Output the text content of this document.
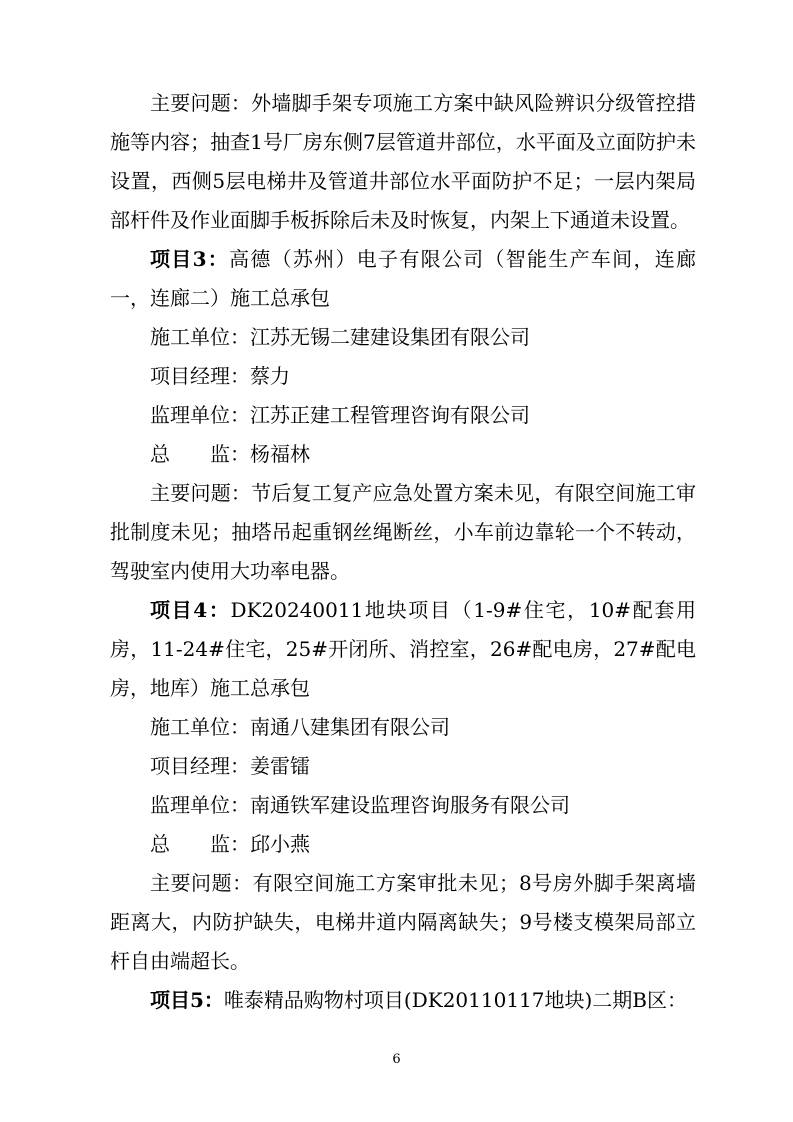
主要问题：外墙脚手架专项施工方案中缺风险辨识分级管控措施等内容；抽查1号厂房东侧7层管道井部位，水平面及立面防护未设置，西侧5层电梯井及管道井部位水平面防护不足；一层内架局部杆件及作业面脚手板拆除后未及时恢复，内架上下通道未设置。

项目3：高德（苏州）电子有限公司（智能生产车间，连廊一，连廊二）施工总承包

施工单位：江苏无锡二建建设集团有限公司

项目经理：蔡力

监理单位：江苏正建工程管理咨询有限公司

总　　监：杨福林

主要问题：节后复工复产应急处置方案未见，有限空间施工审批制度未见；抽塔吊起重钢丝绳断丝，小车前边靠轮一个不转动，驾驶室内使用大功率电器。

项目4：DK20240011地块项目（1-9#住宅，10#配套用房，11-24#住宅，25#开闭所、消控室，26#配电房，27#配电房，地库）施工总承包

施工单位：南通八建集团有限公司

项目经理：姜雷镭

监理单位：南通铁军建设监理咨询服务有限公司

总　　监：邱小燕

主要问题：有限空间施工方案审批未见；8号房外脚手架离墙距离大，内防护缺失，电梯井道内隔离缺失；9号楼支模架局部立杆自由端超长。

项目5：唯泰精品购物村项目(DK20110117地块)二期B区：

6
